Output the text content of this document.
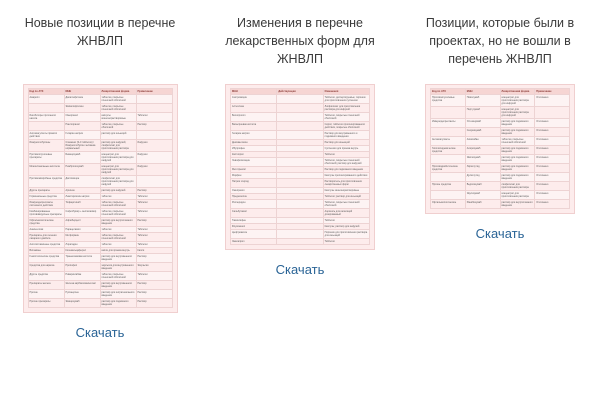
Новые позиции в перечне ЖНВЛП
Код по АТХ	МНН	Лекарственная форма	Примечание
Амарилл	Дапаглифлозин	таблетки, покрытые пленочной оболочкой	
	Эмпаглифлозин	таблетки, покрытые пленочной оболочкой	
Ингибиторы протонного насоса	Омепразол	капсулы кишечнорастворимые	Таблетки
	Пантопразол	таблетки, покрытые оболочкой	Раствор
Антикоагулянты прямого действия	Гепарин натрия	раствор для инъекций	
Иммуноглобулины	Спазмекс (S-0 таблетки) / Иммуноглобулин человека нормальный	раствор для инфузий; лиофилизат для приготовления раствора	Инфузия
Противоопухолевые препараты	Бевацизумаб	концентрат для приготовления раствора для инфузий	Инфузии
Моноклональные антитела	Пембролизумаб	концентрат для приготовления раствора для инфузий	Инфузии
Противомикробные средства	Даптомицин	лиофилизат для приготовления раствора для инфузий	
Другие препараты	Аргинин	раствор для инфузий	Раствор
Гормональные средства	Левотироксин натрия	таблетки	Таблетки
Иммунодепрессанты системного действия	Тофацитиниб	таблетки, покрытые пленочной оболочкой	Таблетки
Комбинированные противовирусные препараты	Софосбувир + велпатасвир	таблетки, покрытые пленочной оболочкой	Таблетки
Офтальмологические средства	Афлиберцепт	раствор для внутриглазного введения	Раствор
Анальгетики	Парацетамол	таблетки	Таблетки
Препараты для лечения сахарного диабета	Метформин	таблетки, покрытые пленочной оболочкой	Таблетки
Антигистаминные средства	Лоратадин	таблетки	Таблетки
Витамины	Колекальциферол	капли для приема внутрь	Капли
Гемостатические средства	Транексамовая кислота	раствор для внутривенного введения	Раствор
Средства для наркоза	Пропофол	эмульсия для внутривенного введения	Эмульсия
Другие средства	Ривароксабан	таблетки, покрытые пленочной оболочкой	Таблетки
Препараты железа	Железа карбоксимальтозат	раствор для внутривенного введения	Раствор
Прочие	Нусинерсен	раствор для интратекального введения	Раствор
Прочие препараты	Эмицизумаб	раствор для подкожного введения	Раствор
Скачать
Изменения в перечне лекарственных форм для ЖНВЛП
МНН	Действующая	Изменения
Азитромицин		Таблетки, диспергируемые; порошок для приготовления суспензии
Алтеплаза		Лиофилизат для приготовления раствора для инфузий
Бисопролол		Таблетки, покрытые пленочной оболочкой
Вальпроевая кислота		Сироп; таблетки пролонгированного действия, покрытые оболочкой
Гепарин натрия		Раствор для внутривенного и подкожного введения
Дексаметазон		Раствор для инъекций
Ибупрофен		Суспензия для приема внутрь
Каптоприл		Таблетки
Левофлоксацин		Таблетки, покрытые пленочной оболочкой; раствор для инфузий
Метотрексат		Раствор для подкожного введения
Морфин		Капсулы пролонгированного действия
Натрия хлорид		Растворитель для приготовления лекарственных форм
Омепразол		Капсулы кишечнорастворимые
Преднизолон		Таблетки; раствор для инъекций
Рисперидон		Таблетки, покрытые пленочной оболочкой
Сальбутамол		Аэрозоль для ингаляций дозированный
Тамоксифен		Таблетки
Флуконазол		Капсулы; раствор для инфузий
Цефтриаксон		Порошок для приготовления раствора для инъекций
Эналаприл		Таблетки
Скачать
Позиции, которые были в проектах, но не вошли в перечень ЖНВЛП
Код по АТХ	МНН	Лекарственная форма	Примечание
Противоопухолевые средства	Ниволумаб	концентрат для приготовления раствора для инфузий	Отклонено
	Пертузумаб	концентрат для приготовления раствора для инфузий	
Иммунодепрессанты	Устекинумаб	раствор для подкожного введения	Отклонено
	Секукинумаб	раствор для подкожного введения	Отклонено
Антикоагулянты	Апиксабан	таблетки, покрытые пленочной оболочкой	Отклонено
Гиполипидемические средства	Алирокумаб	раствор для подкожного введения	Отклонено
	Эволокумаб	раствор для подкожного введения	Отклонено
Противодиабетические средства	Лираглутид	раствор для подкожного введения	Отклонено
	Дулаглутид	раствор для подкожного введения	Отклонено
Прочие средства	Ведолизумаб	лиофилизат для приготовления раствора	Отклонено
	Экулизумаб	концентрат для приготовления раствора	Отклонено
Офтальмологические	Ранибизумаб	раствор для внутриглазного введения	Отклонено
Скачать
